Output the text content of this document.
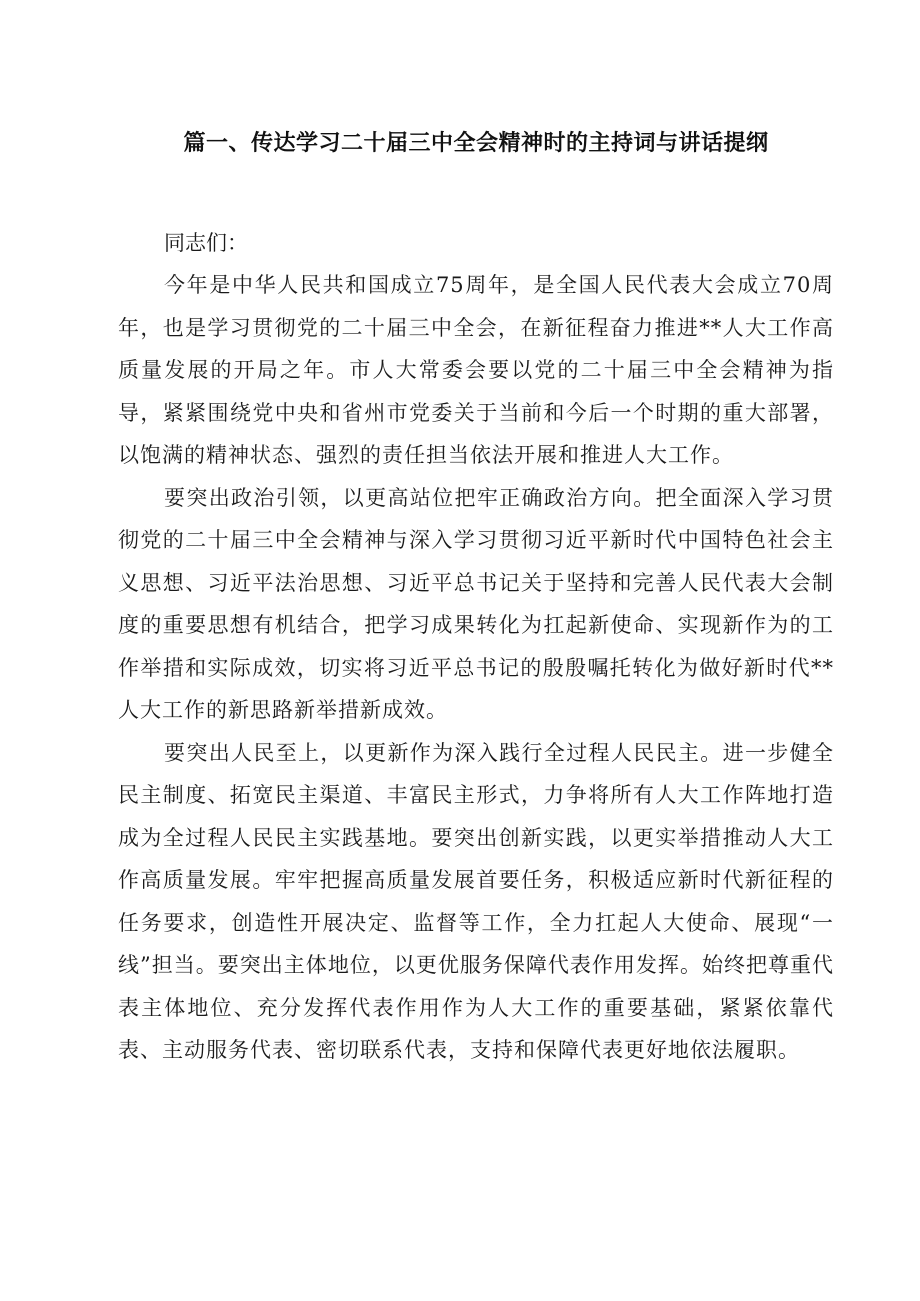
篇一、传达学习二十届三中全会精神时的主持词与讲话提纲

同志们：

今年是中华人民共和国成立75周年，是全国人民代表大会成立70周年，也是学习贯彻党的二十届三中全会，在新征程奋力推进**人大工作高质量发展的开局之年。市人大常委会要以党的二十届三中全会精神为指导，紧紧围绕党中央和省州市党委关于当前和今后一个时期的重大部署，以饱满的精神状态、强烈的责任担当依法开展和推进人大工作。

要突出政治引领，以更高站位把牢正确政治方向。把全面深入学习贯彻党的二十届三中全会精神与深入学习贯彻习近平新时代中国特色社会主义思想、习近平法治思想、习近平总书记关于坚持和完善人民代表大会制度的重要思想有机结合，把学习成果转化为扛起新使命、实现新作为的工作举措和实际成效，切实将习近平总书记的殷殷嘱托转化为做好新时代**人大工作的新思路新举措新成效。

要突出人民至上，以更新作为深入践行全过程人民民主。进一步健全民主制度、拓宽民主渠道、丰富民主形式，力争将所有人大工作阵地打造成为全过程人民民主实践基地。要突出创新实践，以更实举措推动人大工作高质量发展。牢牢把握高质量发展首要任务，积极适应新时代新征程的任务要求，创造性开展决定、监督等工作，全力扛起人大使命、展现“一线”担当。要突出主体地位，以更优服务保障代表作用发挥。始终把尊重代表主体地位、充分发挥代表作用作为人大工作的重要基础，紧紧依靠代表、主动服务代表、密切联系代表，支持和保障代表更好地依法履职。
